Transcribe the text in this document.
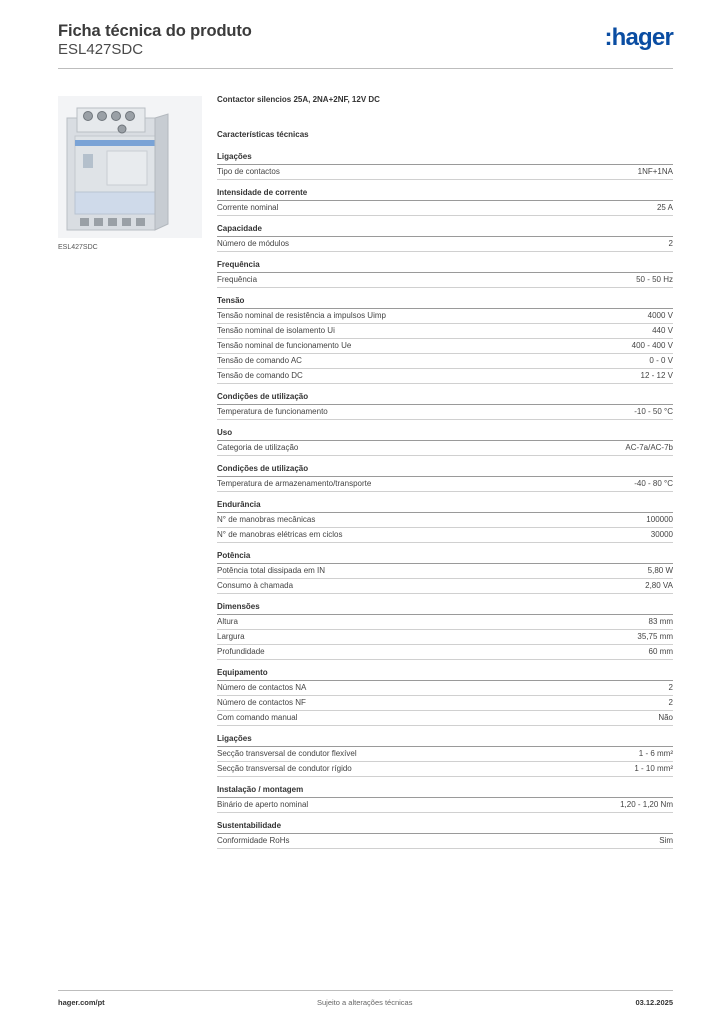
Ficha técnica do produto
ESL427SDC	:hager
ESL427SDC
Contactor silencios 25A, 2NA+2NF, 12V DC
Características técnicas
Ligações
Tipo de contactos	1NF+1NA
Intensidade de corrente
Corrente nominal	25 A
Capacidade
Número de módulos	2
Frequência
Frequência	50 - 50 Hz
Tensão
Tensão nominal de resistência a impulsos Uimp	4000 V
Tensão nominal de isolamento Ui	440 V
Tensão nominal de funcionamento Ue	400 - 400 V
Tensão de comando AC	0 - 0 V
Tensão de comando DC	12 - 12 V
Condições de utilização
Temperatura de funcionamento	-10 - 50 °C
Uso
Categoria de utilização	AC-7a/AC-7b
Condições de utilização
Temperatura de armazenamento/transporte	-40 - 80 °C
Endurância
N° de manobras mecânicas	100000
N° de manobras elétricas em ciclos	30000
Potência
Potência total dissipada em IN	5,80 W
Consumo à chamada	2,80 VA
Dimensões
Altura	83 mm
Largura	35,75 mm
Profundidade	60 mm
Equipamento
Número de contactos NA	2
Número de contactos NF	2
Com comando manual	Não
Ligações
Secção transversal de condutor flexível	1 - 6 mm²
Secção transversal de condutor rígido	1 - 10 mm²
Instalação / montagem
Binário de aperto nominal	1,20 - 1,20 Nm
Sustentabilidade
Conformidade RoHs	Sim
hager.com/pt	Sujeito a alterações técnicas	03.12.2025
